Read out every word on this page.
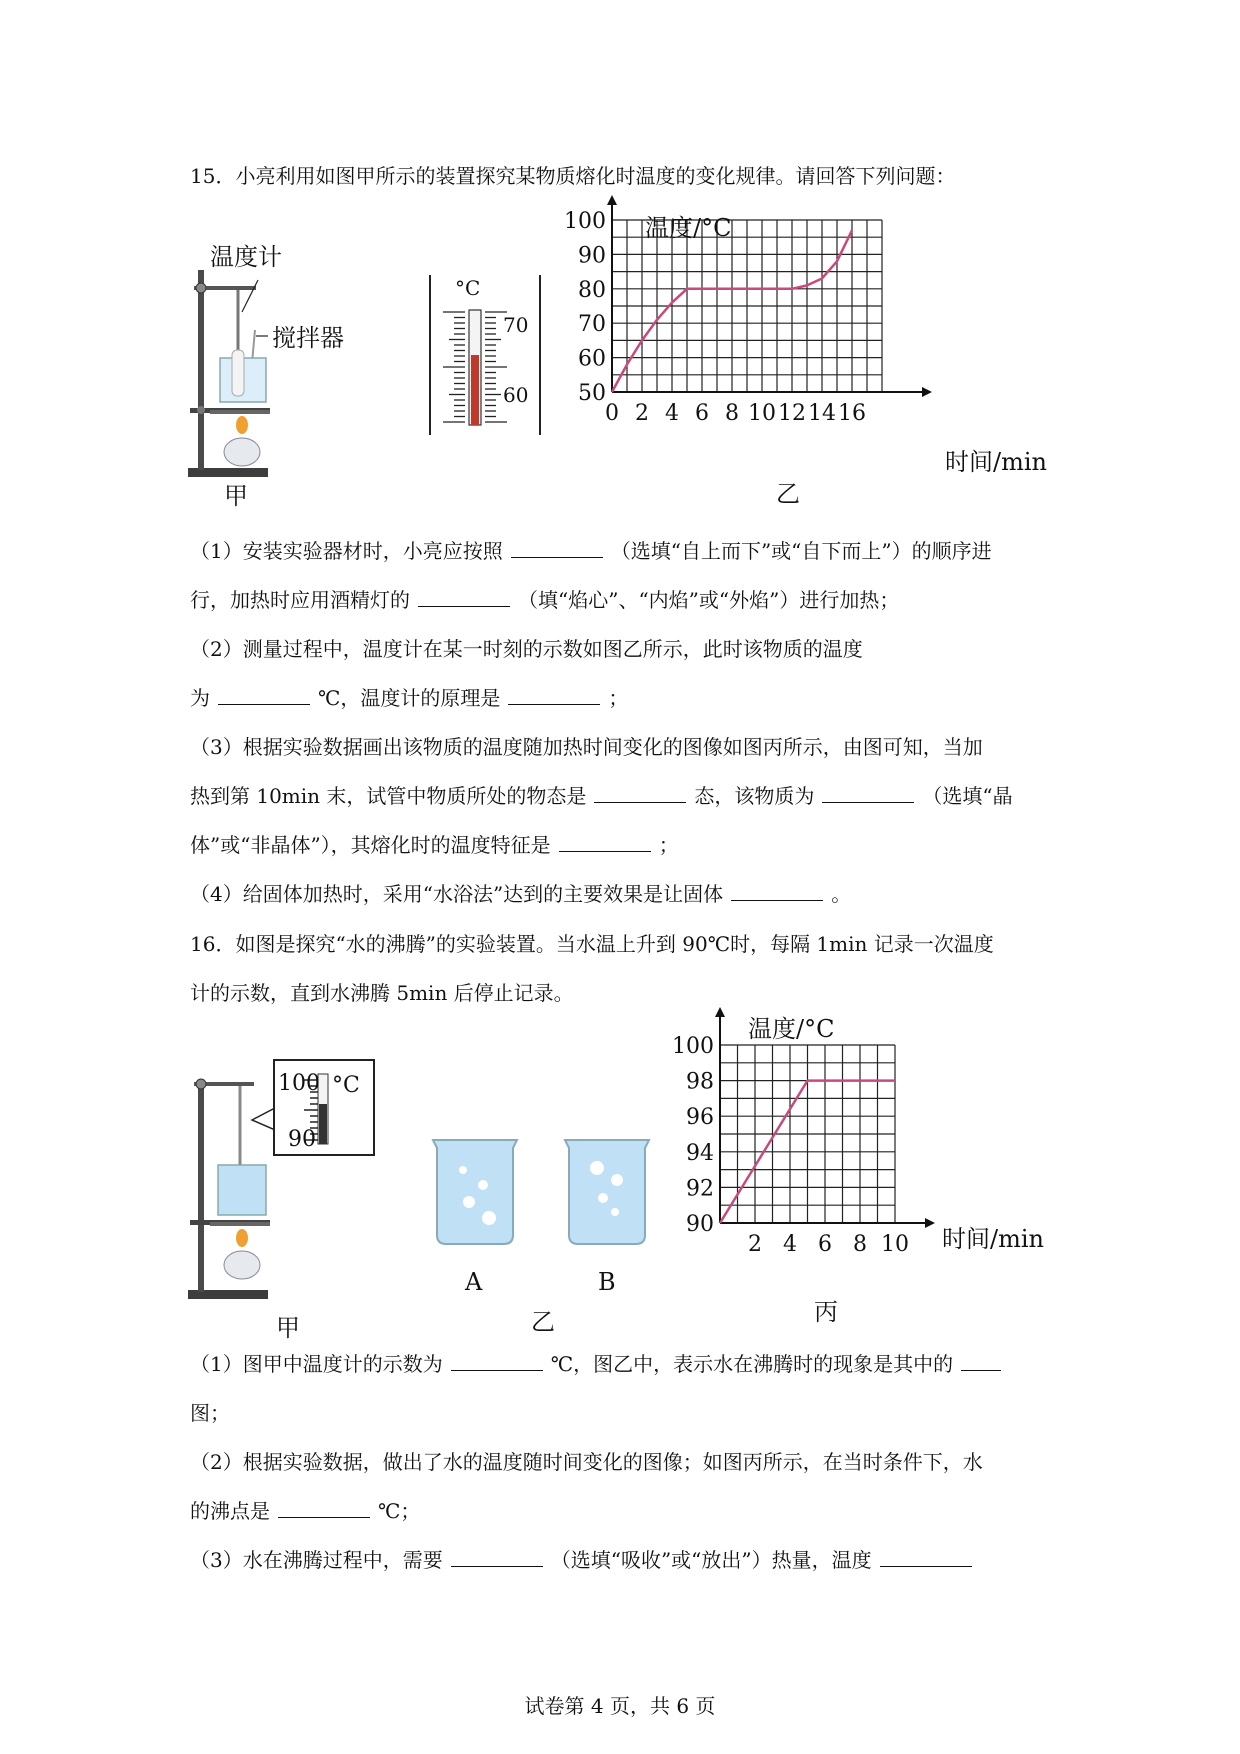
15．小亮利用如图甲所示的装置探究某物质熔化时温度的变化规律。请回答下列问题：
温度计
搅拌器
甲
°C
70
60
100
90
80
70
60
50
0 2 4 6 8 10 12 14 16
温度/°C
时间/min
乙
（1）安装实验器材时，小亮应按照	（选填“自上而下”或“自下而上”）的顺序进
行，加热时应用酒精灯的	（填“焰心”、“内焰”或“外焰”）进行加热；
（2）测量过程中，温度计在某一时刻的示数如图乙所示，此时该物质的温度
为	℃，温度计的原理是	；
（3）根据实验数据画出该物质的温度随加热时间变化的图像如图丙所示，由图可知，当加
热到第 10min 末，试管中物质所处的物态是	态，该物质为	（选填“晶
体”或“非晶体”），其熔化时的温度特征是	；
（4）给固体加热时，采用“水浴法”达到的主要效果是让固体	。
16．如图是探究“水的沸腾”的实验装置。当水温上升到 90℃时，每隔 1min 记录一次温度
计的示数，直到水沸腾 5min 后停止记录。
100
90
°C
甲
A	B
乙
100
98
96
94
92
90
2 4 6 8 10
温度/°C
时间/min
丙
（1）图甲中温度计的示数为	℃，图乙中，表示水在沸腾时的现象是其中的
图；
（2）根据实验数据，做出了水的温度随时间变化的图像；如图丙所示，在当时条件下，水
的沸点是	℃；
（3）水在沸腾过程中，需要	（选填“吸收”或“放出”）热量，温度
试卷第 4 页，共 6 页
